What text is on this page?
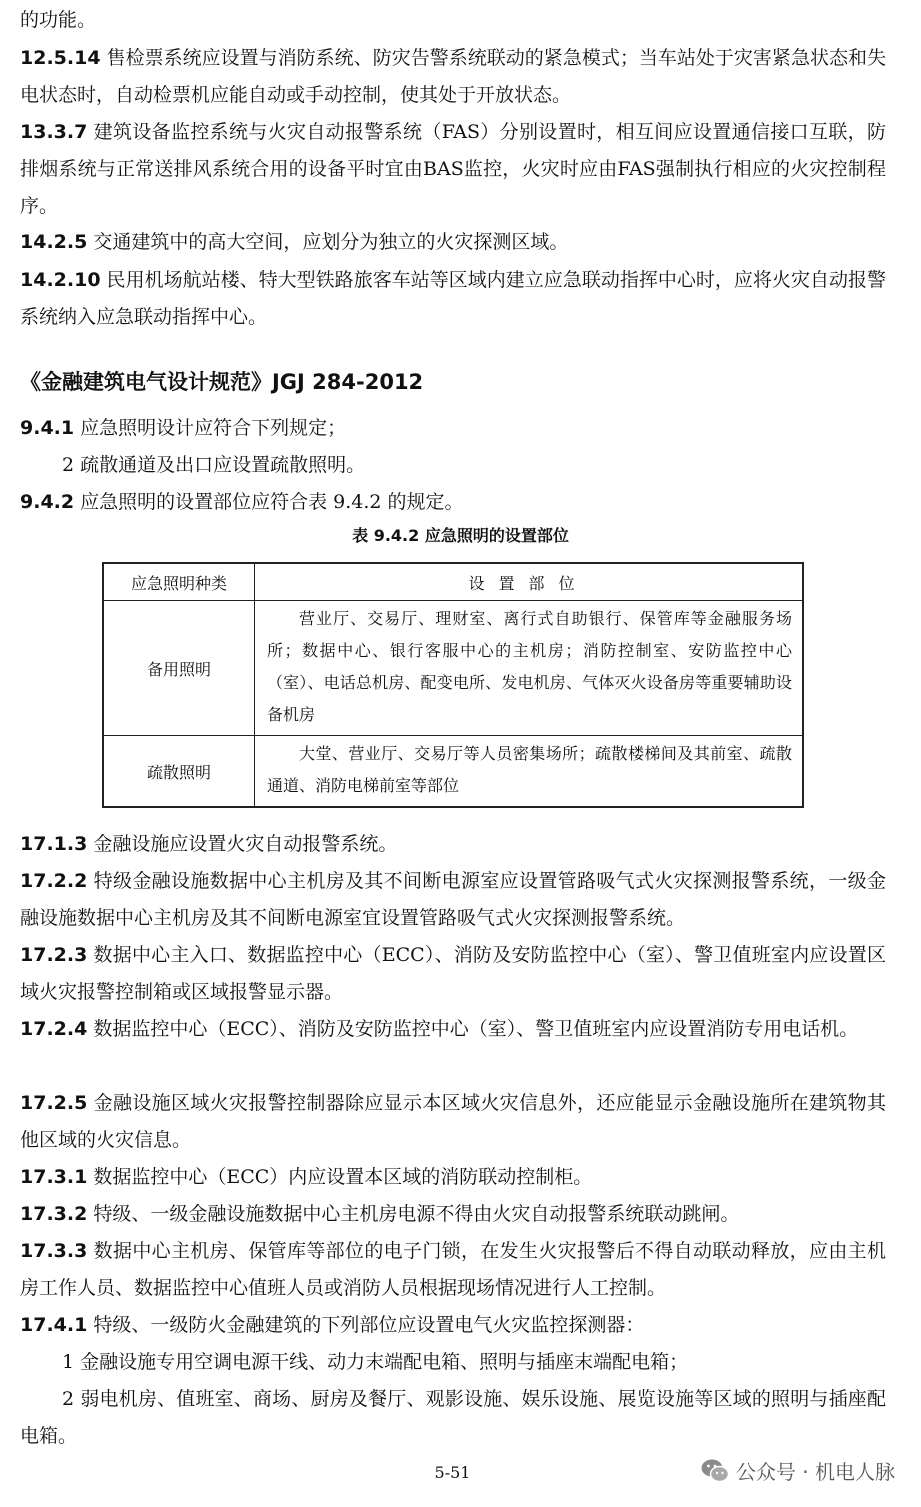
的功能。

12.5.14 售检票系统应设置与消防系统、防灾告警系统联动的紧急模式；当车站处于灾害紧急状态和失电状态时，自动检票机应能自动或手动控制，使其处于开放状态。

13.3.7 建筑设备监控系统与火灾自动报警系统（FAS）分别设置时，相互间应设置通信接口互联，防排烟系统与正常送排风系统合用的设备平时宜由BAS监控，火灾时应由FAS强制执行相应的火灾控制程序。

14.2.5 交通建筑中的高大空间，应划分为独立的火灾探测区域。

14.2.10 民用机场航站楼、特大型铁路旅客车站等区域内建立应急联动指挥中心时，应将火灾自动报警系统纳入应急联动指挥中心。

《金融建筑电气设计规范》JGJ 284-2012

9.4.1 应急照明设计应符合下列规定；

2 疏散通道及出口应设置疏散照明。

9.4.2 应急照明的设置部位应符合表 9.4.2 的规定。

表 9.4.2 应急照明的设置部位

应急照明种类	设置部位
备用照明	营业厅、交易厅、理财室、离行式自助银行、保管库等金融服务场所；数据中心、银行客服中心的主机房；消防控制室、安防监控中心（室）、电话总机房、配变电所、发电机房、气体灭火设备房等重要辅助设备机房
疏散照明	大堂、营业厅、交易厅等人员密集场所；疏散楼梯间及其前室、疏散通道、消防电梯前室等部位

17.1.3 金融设施应设置火灾自动报警系统。

17.2.2 特级金融设施数据中心主机房及其不间断电源室应设置管路吸气式火灾探测报警系统，一级金融设施数据中心主机房及其不间断电源室宜设置管路吸气式火灾探测报警系统。

17.2.3 数据中心主入口、数据监控中心（ECC）、消防及安防监控中心（室）、警卫值班室内应设置区域火灾报警控制箱或区域报警显示器。

17.2.4 数据监控中心（ECC）、消防及安防监控中心（室）、警卫值班室内应设置消防专用电话机。

17.2.5 金融设施区域火灾报警控制器除应显示本区域火灾信息外，还应能显示金融设施所在建筑物其他区域的火灾信息。

17.3.1 数据监控中心（ECC）内应设置本区域的消防联动控制柜。

17.3.2 特级、一级金融设施数据中心主机房电源不得由火灾自动报警系统联动跳闸。

17.3.3 数据中心主机房、保管库等部位的电子门锁，在发生火灾报警后不得自动联动释放，应由主机房工作人员、数据监控中心值班人员或消防人员根据现场情况进行人工控制。

17.4.1 特级、一级防火金融建筑的下列部位应设置电气火灾监控探测器：

1 金融设施专用空调电源干线、动力末端配电箱、照明与插座末端配电箱；

2 弱电机房、值班室、商场、厨房及餐厅、观影设施、娱乐设施、展览设施等区域的照明与插座配电箱。

5-51	公众号 · 机电人脉
